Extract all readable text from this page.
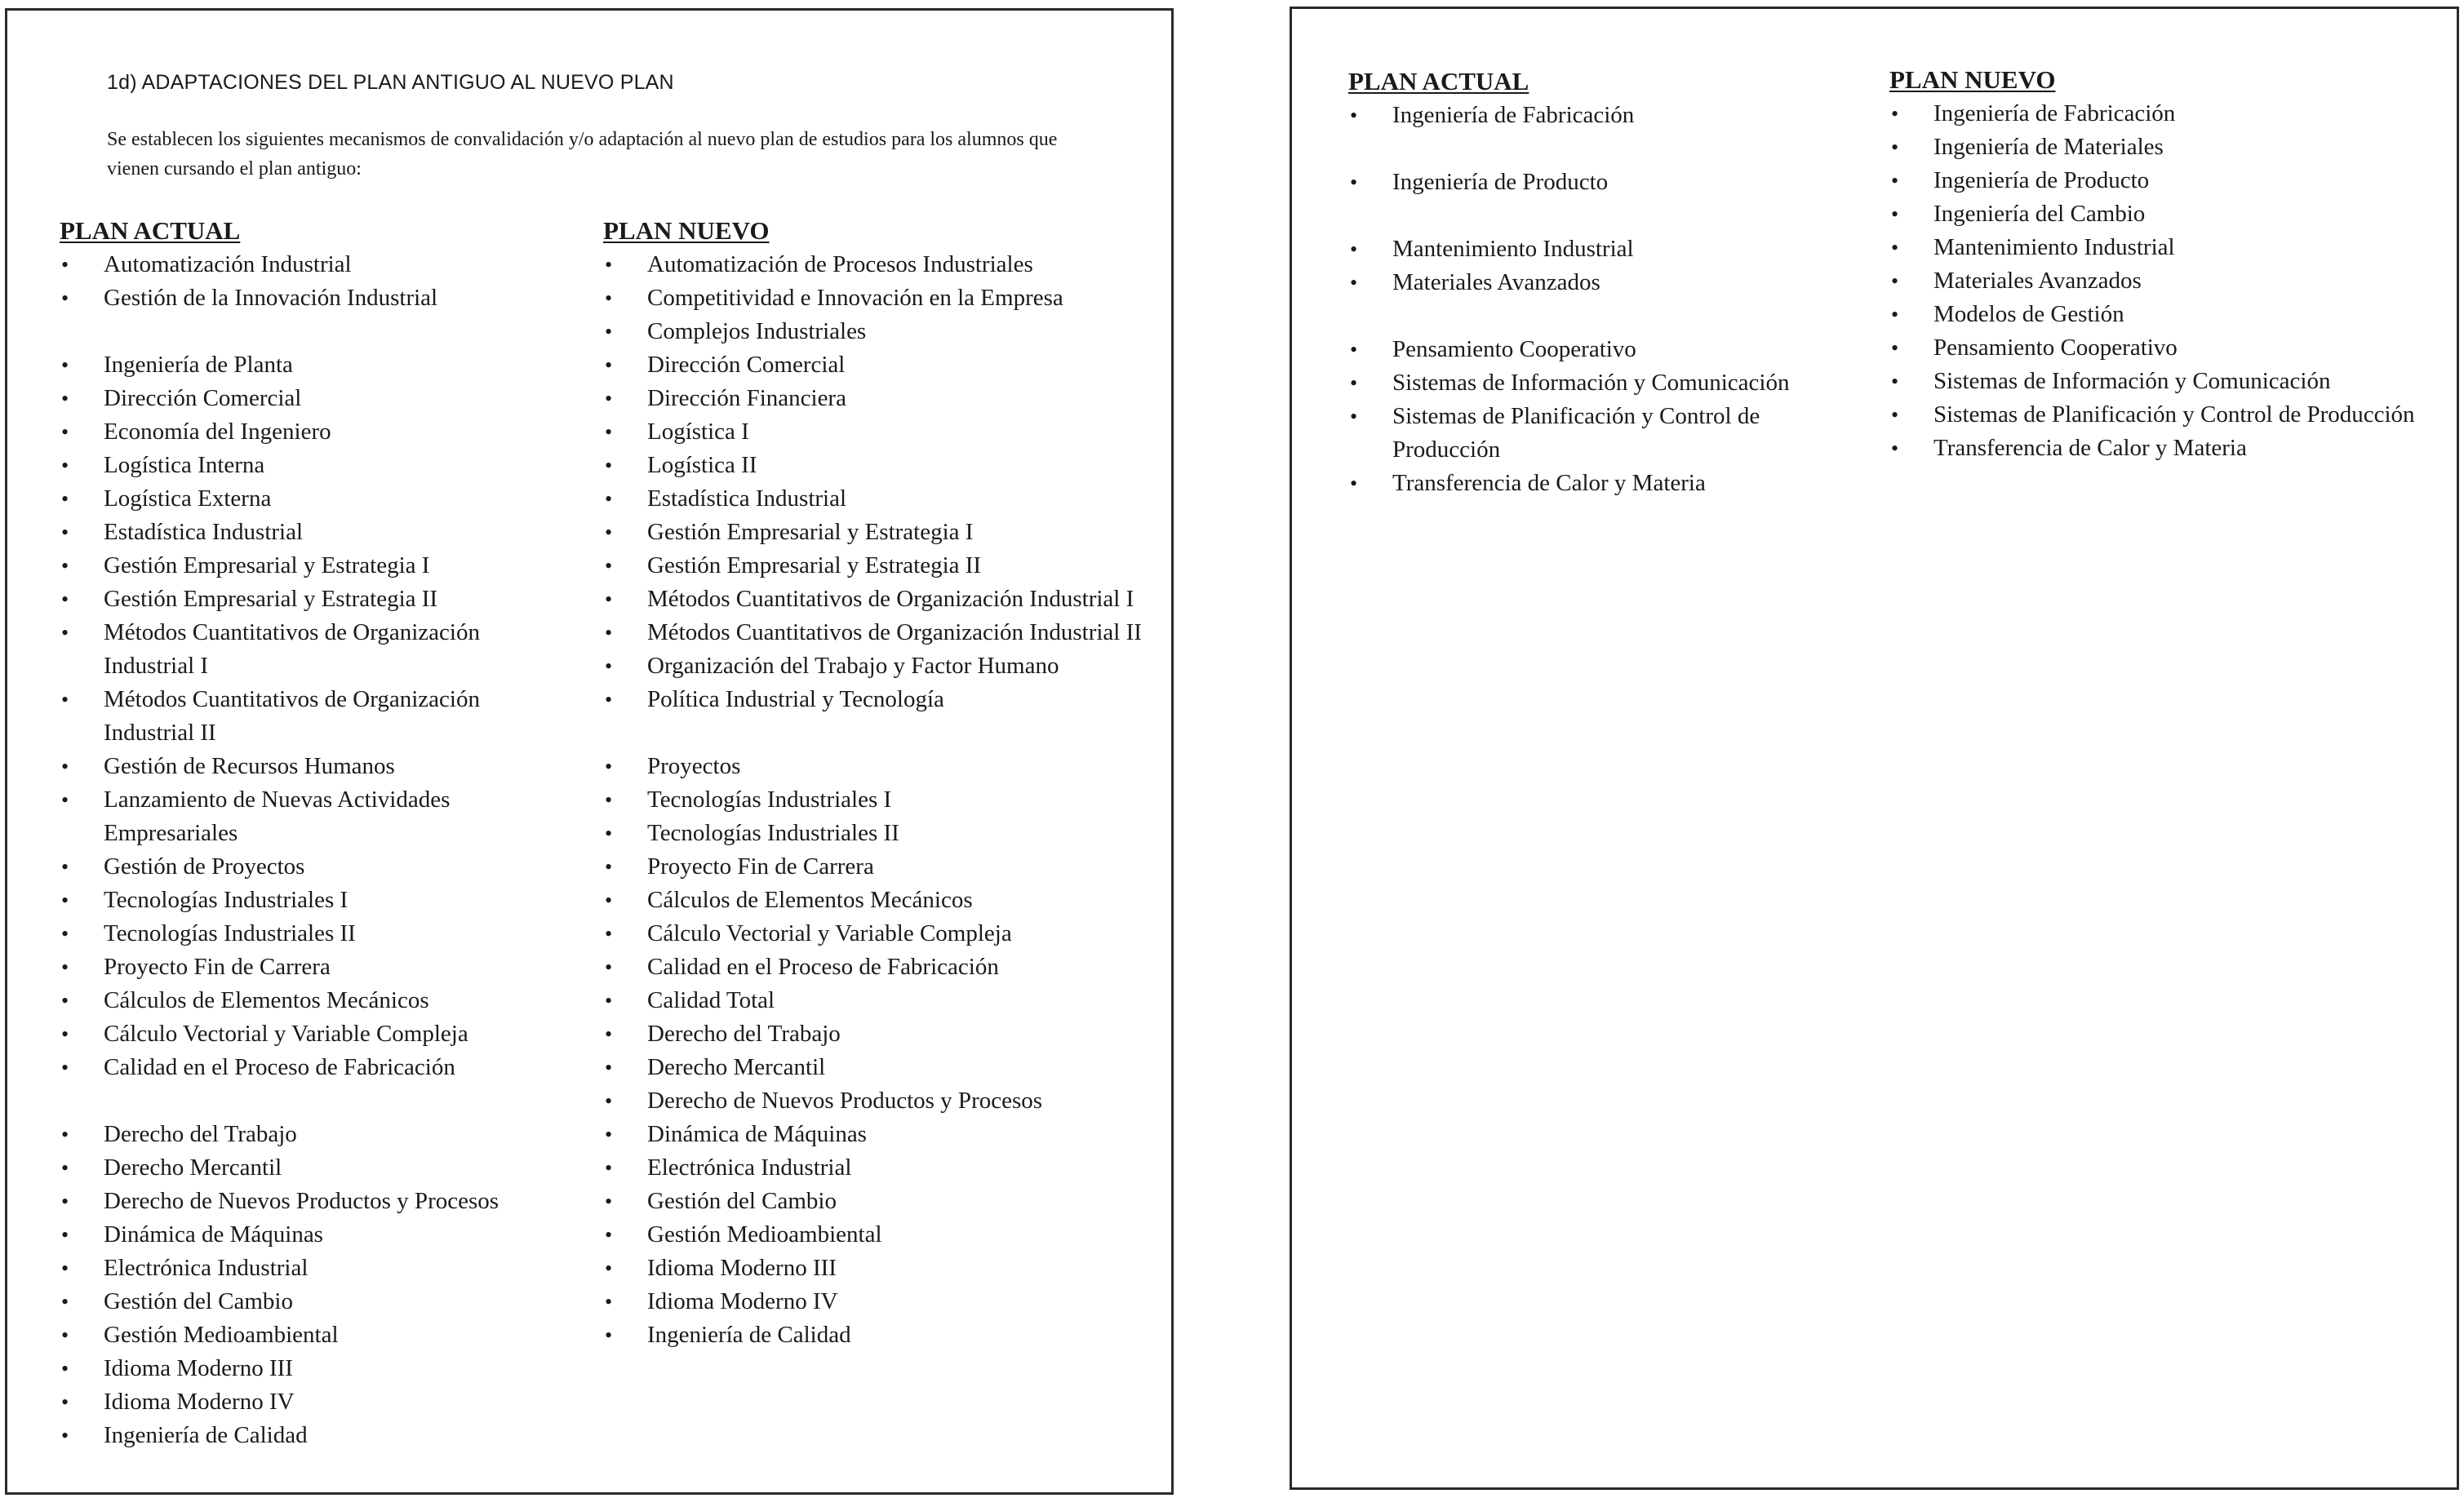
1d) ADAPTACIONES DEL PLAN ANTIGUO AL NUEVO PLAN
Se establecen los siguientes mecanismos de convalidación y/o adaptación al nuevo plan de estudios para los alumnos que vienen cursando el plan antiguo:
PLAN ACTUAL
• Automatización Industrial
• Gestión de la Innovación Industrial
• Ingeniería de Planta
• Dirección Comercial
• Economía del Ingeniero
• Logística Interna
• Logística Externa
• Estadística Industrial
• Gestión Empresarial y Estrategia I
• Gestión Empresarial y Estrategia II
• Métodos Cuantitativos de Organización Industrial I
• Métodos Cuantitativos de Organización Industrial II
• Gestión de Recursos Humanos
• Lanzamiento de Nuevas Actividades Empresariales
• Gestión de Proyectos
• Tecnologías Industriales I
• Tecnologías Industriales II
• Proyecto Fin de Carrera
• Cálculos de Elementos Mecánicos
• Cálculo Vectorial y Variable Compleja
• Calidad en el Proceso de Fabricación
• Derecho del Trabajo
• Derecho Mercantil
• Derecho de Nuevos Productos y Procesos
• Dinámica de Máquinas
• Electrónica Industrial
• Gestión del Cambio
• Gestión Medioambiental
• Idioma Moderno III
• Idioma Moderno IV
• Ingeniería de Calidad
PLAN NUEVO
• Automatización de Procesos Industriales
• Competitividad e Innovación en la Empresa
• Complejos Industriales
• Dirección Comercial
• Dirección Financiera
• Logística I
• Logística II
• Estadística Industrial
• Gestión Empresarial y Estrategia I
• Gestión Empresarial y Estrategia II
• Métodos Cuantitativos de Organización Industrial I
• Métodos Cuantitativos de Organización Industrial II
• Organización del Trabajo y Factor Humano
• Política Industrial y Tecnología
• Proyectos
• Tecnologías Industriales I
• Tecnologías Industriales II
• Proyecto Fin de Carrera
• Cálculos de Elementos Mecánicos
• Cálculo Vectorial y Variable Compleja
• Calidad en el Proceso de Fabricación
• Calidad Total
• Derecho del Trabajo
• Derecho Mercantil
• Derecho de Nuevos Productos y Procesos
• Dinámica de Máquinas
• Electrónica Industrial
• Gestión del Cambio
• Gestión Medioambiental
• Idioma Moderno III
• Idioma Moderno IV
• Ingeniería de Calidad
PLAN ACTUAL
• Ingeniería de Fabricación
• Ingeniería de Producto
• Mantenimiento Industrial
• Materiales Avanzados
• Pensamiento Cooperativo
• Sistemas de Información y Comunicación
• Sistemas de Planificación y Control de Producción
• Transferencia de Calor y Materia
PLAN NUEVO
• Ingeniería de Fabricación
• Ingeniería de Materiales
• Ingeniería de Producto
• Ingeniería del Cambio
• Mantenimiento Industrial
• Materiales Avanzados
• Modelos de Gestión
• Pensamiento Cooperativo
• Sistemas de Información y Comunicación
• Sistemas de Planificación y Control de Producción
• Transferencia de Calor y Materia
